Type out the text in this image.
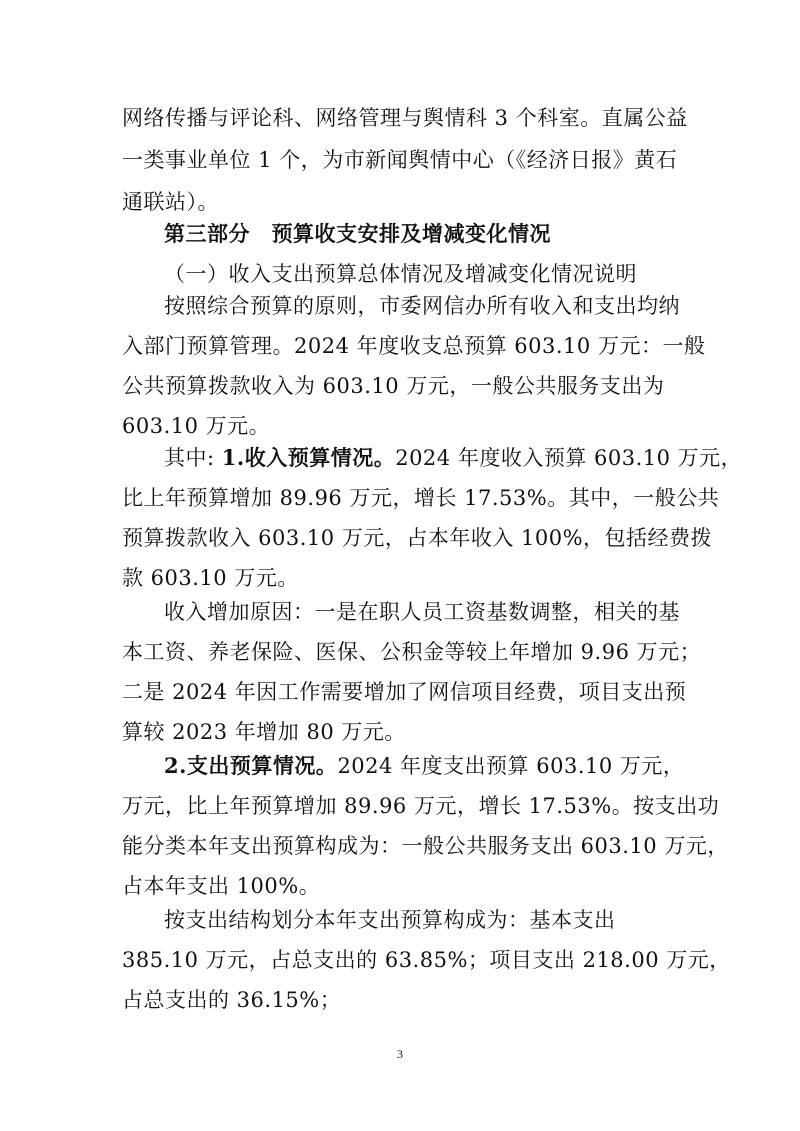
网络传播与评论科、网络管理与舆情科 3 个科室。直属公益
一类事业单位 1 个，为市新闻舆情中心（《经济日报》黄石
通联站）。
第三部分　预算收支安排及增减变化情况
（一）收入支出预算总体情况及增减变化情况说明
按照综合预算的原则，市委网信办所有收入和支出均纳
入部门预算管理。2024 年度收支总预算 603.10 万元：一般
公共预算拨款收入为 603.10 万元，一般公共服务支出为
603.10 万元。
其中: 1.收入预算情况。2024 年度收入预算 603.10 万元，
比上年预算增加 89.96 万元，增长 17.53%。其中，一般公共
预算拨款收入 603.10 万元，占本年收入 100%，包括经费拨
款 603.10 万元。
收入增加原因：一是在职人员工资基数调整，相关的基
本工资、养老保险、医保、公积金等较上年增加 9.96 万元；
二是 2024 年因工作需要增加了网信项目经费，项目支出预
算较 2023 年增加 80 万元。
2.支出预算情况。2024 年度支出预算 603.10 万元，
万元，比上年预算增加 89.96 万元，增长 17.53%。按支出功
能分类本年支出预算构成为：一般公共服务支出 603.10 万元，
占本年支出 100%。
按支出结构划分本年支出预算构成为：基本支出
385.10 万元，占总支出的 63.85%；项目支出 218.00 万元，
占总支出的 36.15%；
3
